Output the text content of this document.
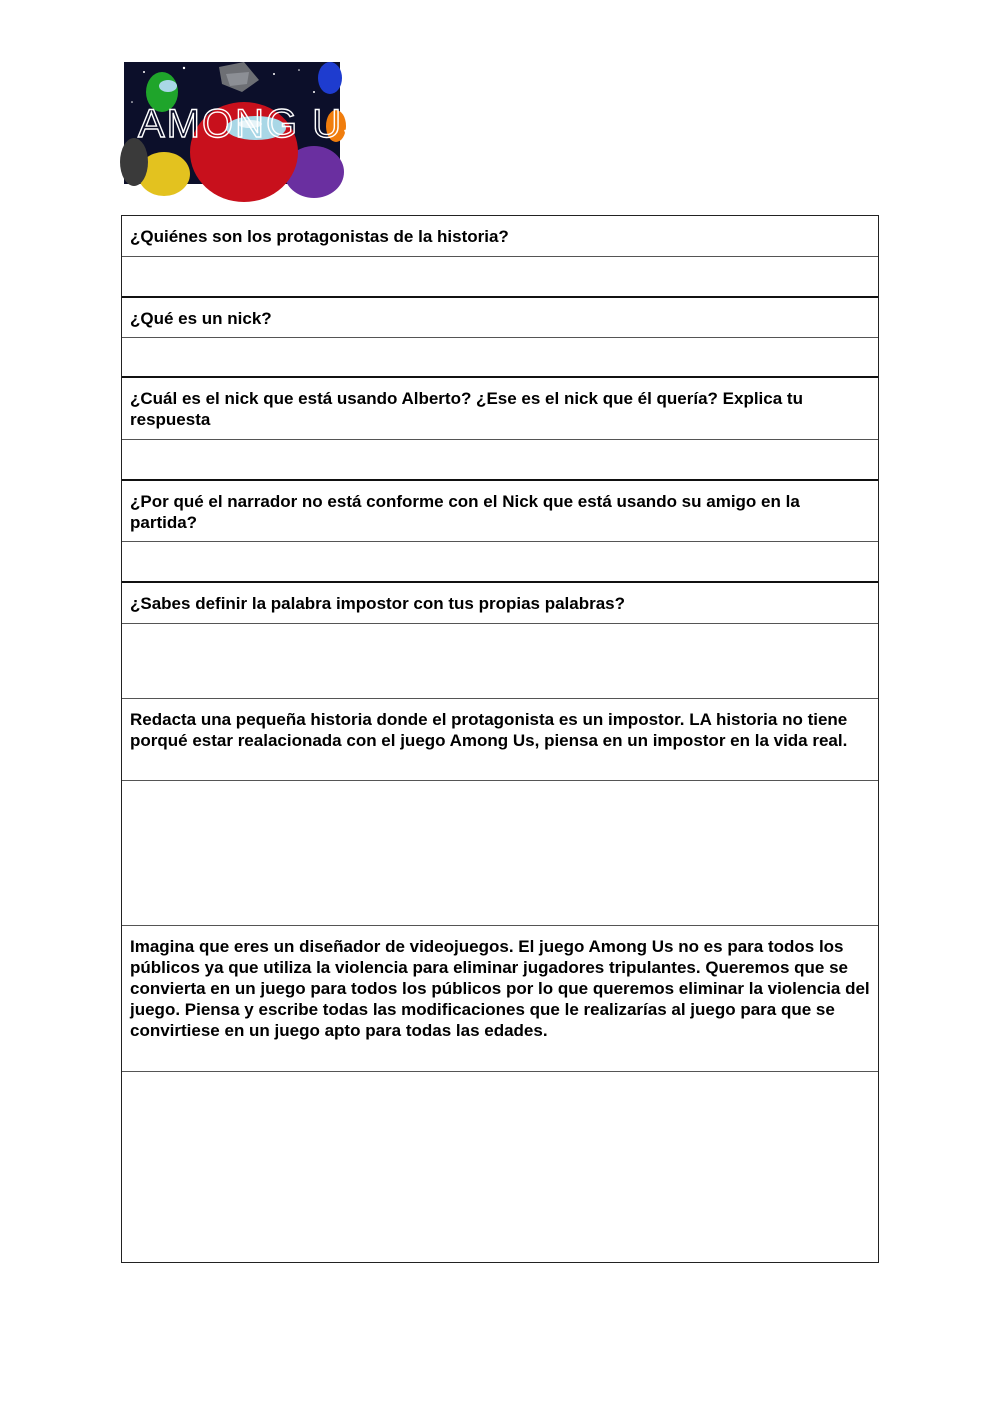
AMONG US
¿Quiénes son los protagonistas de la historia?
¿Qué es un nick?
¿Cuál es el nick que está usando Alberto? ¿Ese es el nick que él quería? Explica tu respuesta
¿Por qué el narrador no está conforme con el Nick que está usando su amigo en la partida?
¿Sabes definir la palabra impostor con tus propias palabras?
Redacta una pequeña historia donde el protagonista es un impostor. LA historia no tiene porqué estar realacionada con el juego Among Us, piensa en un impostor en la vida real.
Imagina que eres un diseñador de videojuegos. El juego Among Us no es para todos los públicos ya que utiliza la violencia para eliminar jugadores tripulantes. Queremos que se convierta en un juego para todos los públicos por lo que queremos eliminar la violencia del juego. Piensa y escribe todas las modificaciones que le realizarías al juego para que se convirtiese en un juego apto para todas las edades.
